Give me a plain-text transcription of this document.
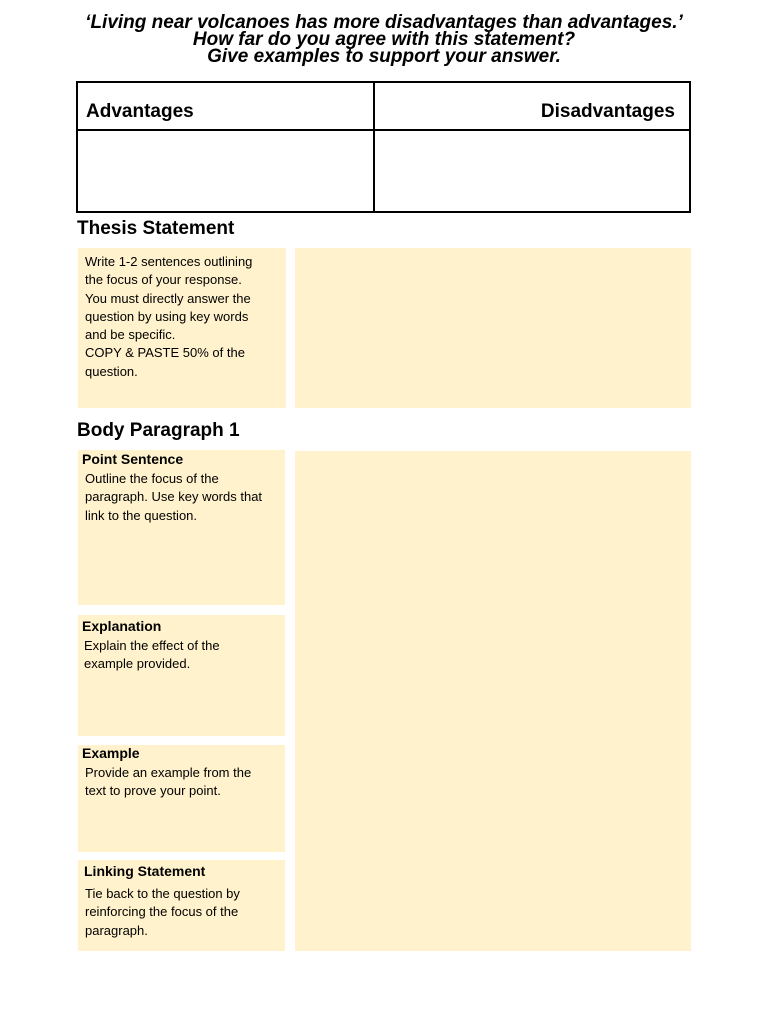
‘Living near volcanoes has more disadvantages than advantages.’
How far do you agree with this statement?
Give examples to support your answer.
Advantages	Disadvantages
Thesis Statement
Write 1-2 sentences outlining
the focus of your response.
You must directly answer the
question by using key words
and be specific.
COPY & PASTE 50% of the
question.
Body Paragraph 1
Point Sentence
Outline the focus of the
paragraph. Use key words that
link to the question.
Explanation
Explain the effect of the
example provided.
Example
Provide an example from the
text to prove your point.
Linking Statement
Tie back to the question by
reinforcing the focus of the
paragraph.
